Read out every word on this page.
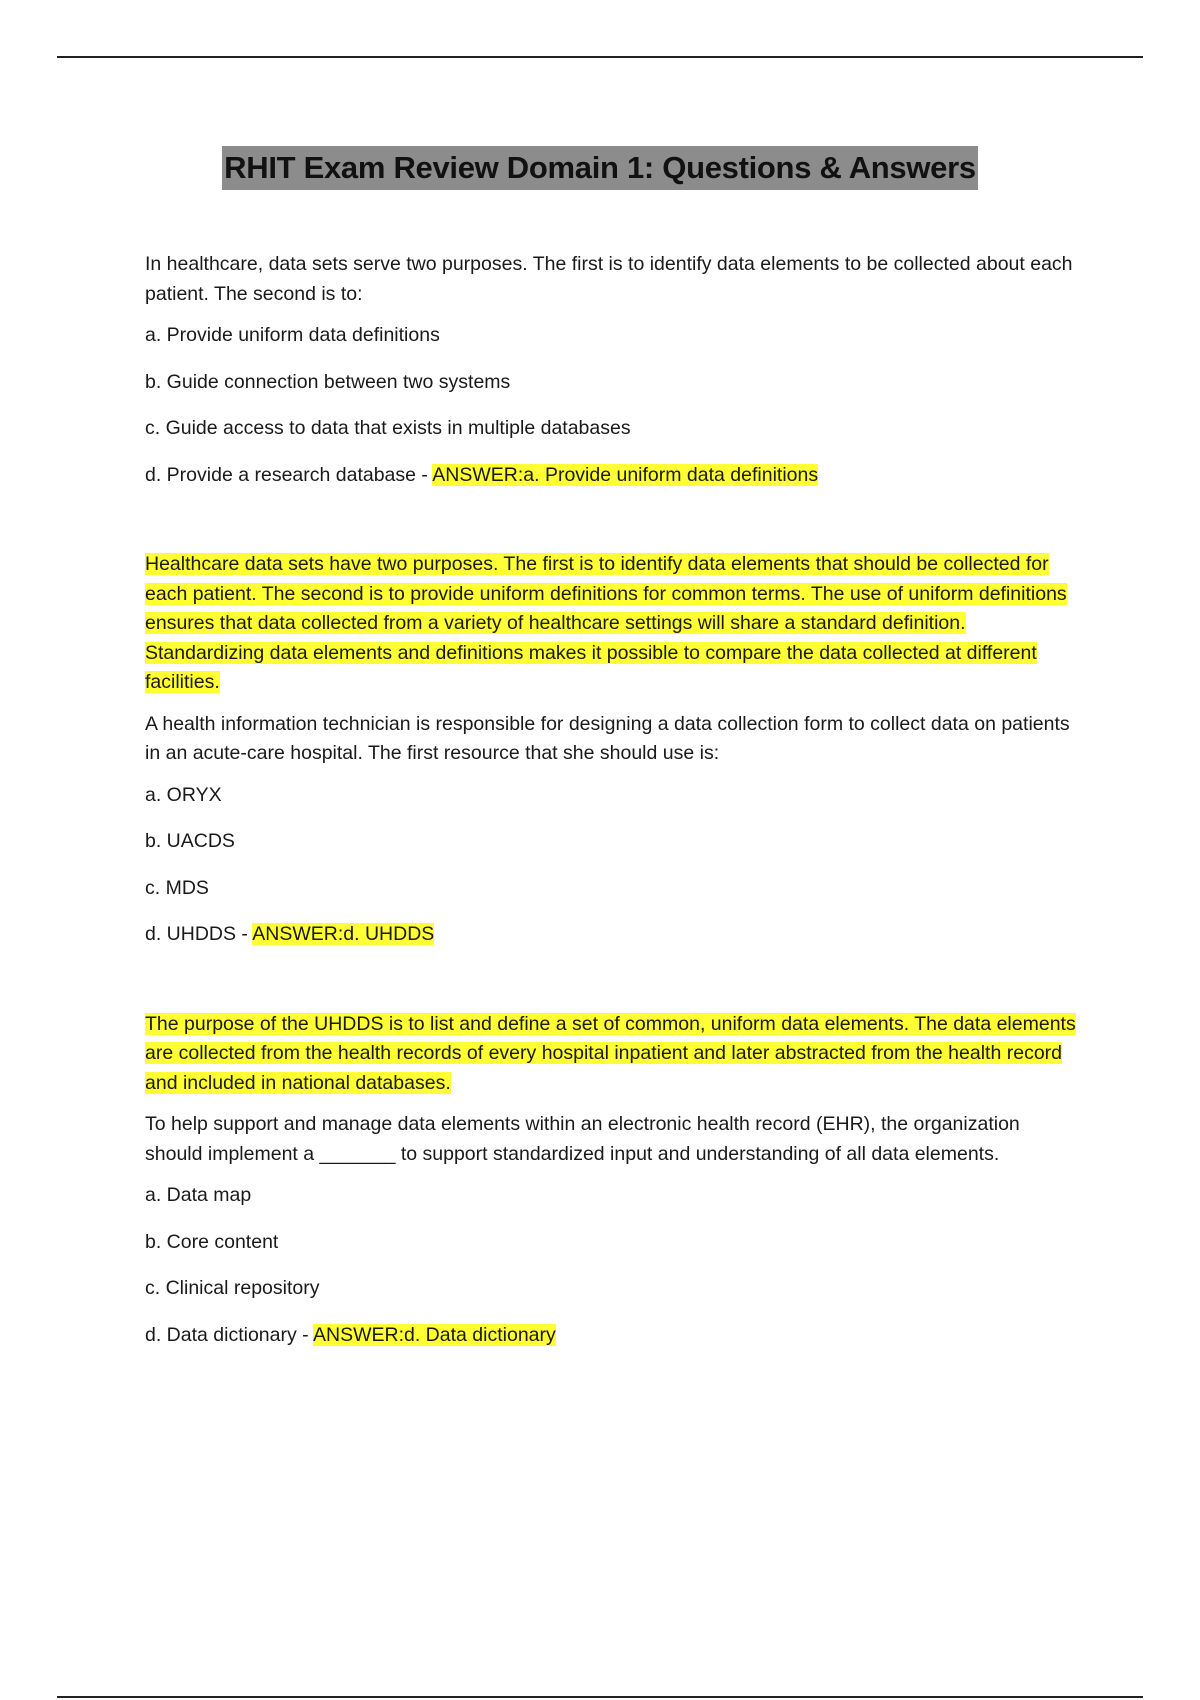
RHIT Exam Review Domain 1: Questions & Answers

In healthcare, data sets serve two purposes. The first is to identify data elements to be collected about each patient. The second is to:

a. Provide uniform data definitions

b. Guide connection between two systems

c. Guide access to data that exists in multiple databases

d. Provide a research database - ANSWER:a. Provide uniform data definitions

Healthcare data sets have two purposes. The first is to identify data elements that should be collected for each patient. The second is to provide uniform definitions for common terms. The use of uniform definitions ensures that data collected from a variety of healthcare settings will share a standard definition. Standardizing data elements and definitions makes it possible to compare the data collected at different facilities.

A health information technician is responsible for designing a data collection form to collect data on patients in an acute-care hospital. The first resource that she should use is:

a. ORYX

b. UACDS

c. MDS

d. UHDDS - ANSWER:d. UHDDS

The purpose of the UHDDS is to list and define a set of common, uniform data elements. The data elements are collected from the health records of every hospital inpatient and later abstracted from the health record and included in national databases.

To help support and manage data elements within an electronic health record (EHR), the organization should implement a _______ to support standardized input and understanding of all data elements.

a. Data map

b. Core content

c. Clinical repository

d. Data dictionary - ANSWER:d. Data dictionary
